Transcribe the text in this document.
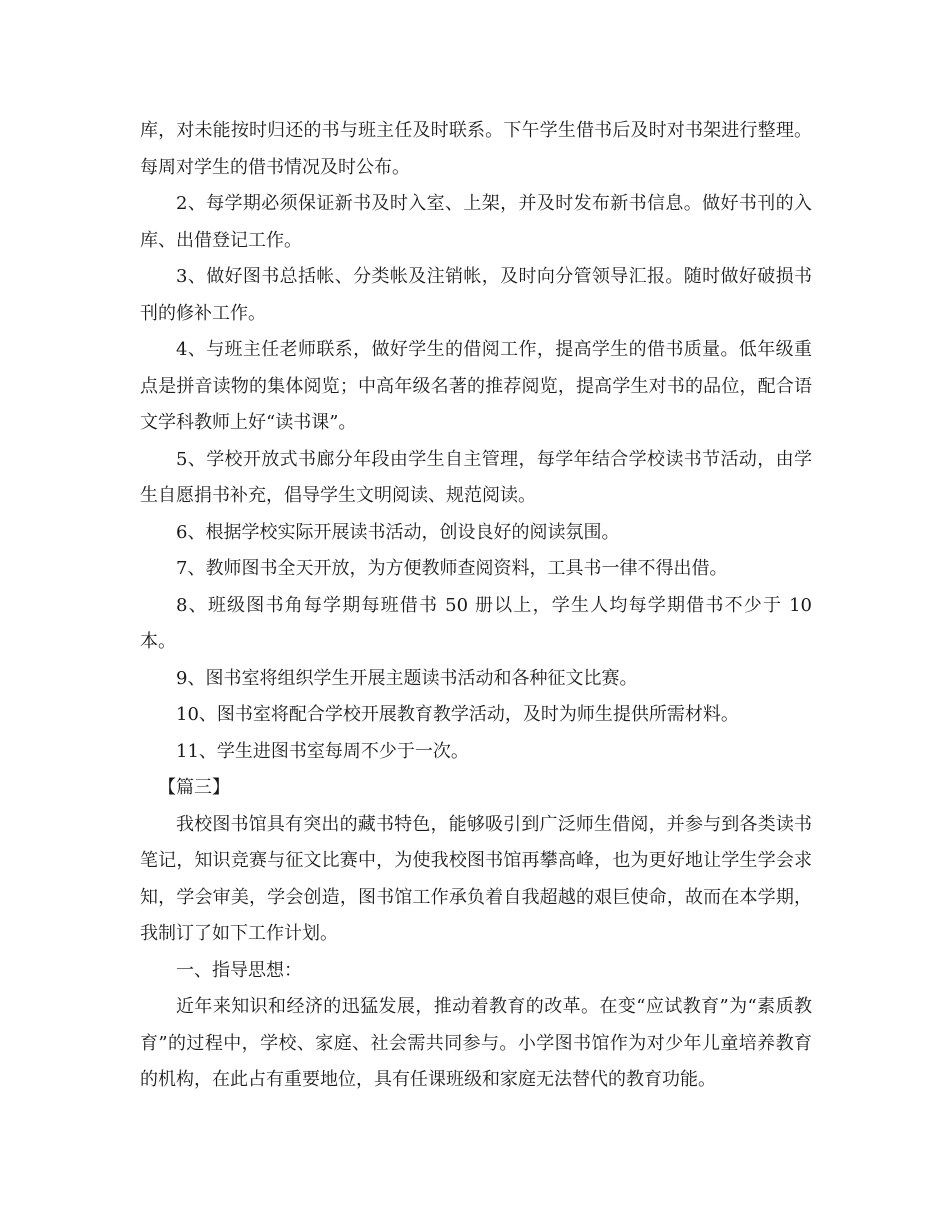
库，对未能按时归还的书与班主任及时联系。下午学生借书后及时对书架进行整理。每周对学生的借书情况及时公布。

2、每学期必须保证新书及时入室、上架，并及时发布新书信息。做好书刊的入库、出借登记工作。

3、做好图书总括帐、分类帐及注销帐，及时向分管领导汇报。随时做好破损书刊的修补工作。

4、与班主任老师联系，做好学生的借阅工作，提高学生的借书质量。低年级重点是拼音读物的集体阅览；中高年级名著的推荐阅览，提高学生对书的品位，配合语文学科教师上好“读书课”。

5、学校开放式书廊分年段由学生自主管理，每学年结合学校读书节活动，由学生自愿捐书补充，倡导学生文明阅读、规范阅读。

6、根据学校实际开展读书活动，创设良好的阅读氛围。

7、教师图书全天开放，为方便教师查阅资料，工具书一律不得出借。

8、班级图书角每学期每班借书 50 册以上，学生人均每学期借书不少于 10 本。

9、图书室将组织学生开展主题读书活动和各种征文比赛。

10、图书室将配合学校开展教育教学活动，及时为师生提供所需材料。

11、学生进图书室每周不少于一次。

【篇三】

我校图书馆具有突出的藏书特色，能够吸引到广泛师生借阅，并参与到各类读书笔记，知识竞赛与征文比赛中，为使我校图书馆再攀高峰，也为更好地让学生学会求知，学会审美，学会创造，图书馆工作承负着自我超越的艰巨使命，故而在本学期，我制订了如下工作计划。

一、指导思想：

近年来知识和经济的迅猛发展，推动着教育的改革。在变“应试教育”为“素质教育”的过程中，学校、家庭、社会需共同参与。小学图书馆作为对少年儿童培养教育的机构，在此占有重要地位，具有任课班级和家庭无法替代的教育功能。
